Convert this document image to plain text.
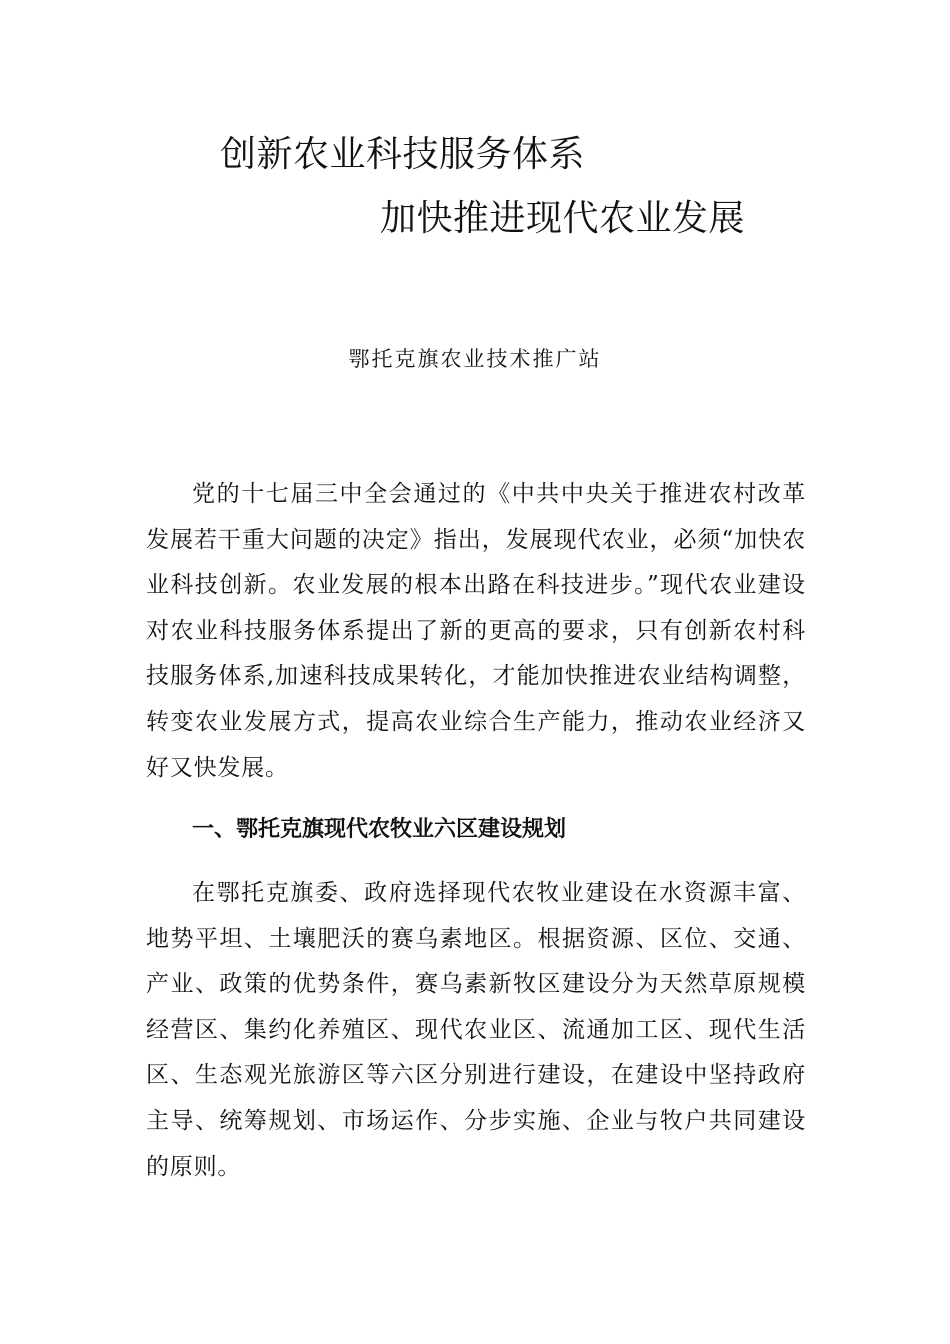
创新农业科技服务体系
加快推进现代农业发展
鄂托克旗农业技术推广站

党的十七届三中全会通过的《中共中央关于推进农村改革发展若干重大问题的决定》指出，发展现代农业，必须“加快农业科技创新。农业发展的根本出路在科技进步。”现代农业建设对农业科技服务体系提出了新的更高的要求，只有创新农村科技服务体系,加速科技成果转化，才能加快推进农业结构调整，转变农业发展方式，提高农业综合生产能力，推动农业经济又好又快发展。

一、鄂托克旗现代农牧业六区建设规划

在鄂托克旗委、政府选择现代农牧业建设在水资源丰富、地势平坦、土壤肥沃的赛乌素地区。根据资源、区位、交通、产业、政策的优势条件，赛乌素新牧区建设分为天然草原规模经营区、集约化养殖区、现代农业区、流通加工区、现代生活区、生态观光旅游区等六区分别进行建设，在建设中坚持政府主导、统筹规划、市场运作、分步实施、企业与牧户共同建设的原则。
